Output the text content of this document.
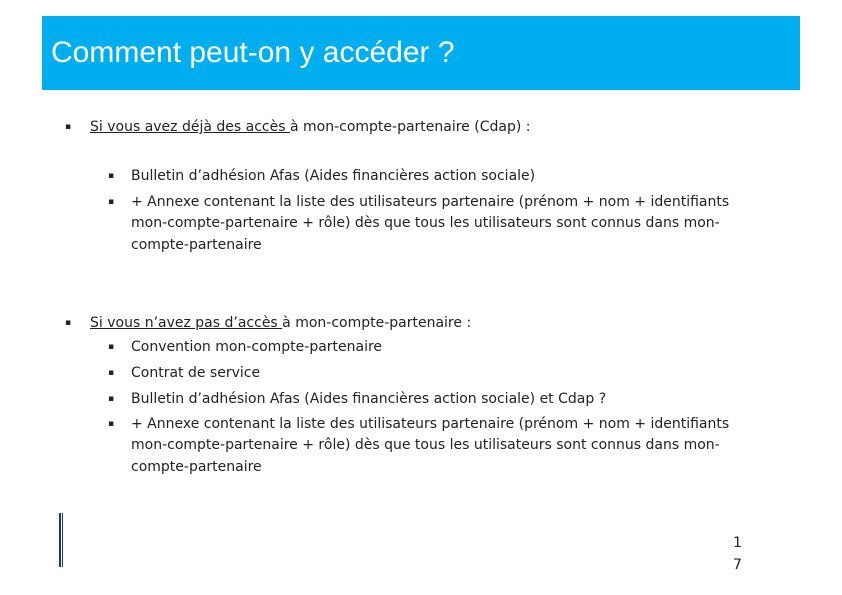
Comment peut-on y accéder ?
▪ Si vous avez déjà des accès à mon-compte-partenaire (Cdap) :
▪ Bulletin d’adhésion Afas (Aides financières action sociale)
▪ + Annexe contenant la liste des utilisateurs partenaire (prénom + nom + identifiants
mon-compte-partenaire + rôle) dès que tous les utilisateurs sont connus dans mon-
compte-partenaire
▪ Si vous n’avez pas d’accès à mon-compte-partenaire :
▪ Convention mon-compte-partenaire
▪ Contrat de service
▪ Bulletin d’adhésion Afas (Aides financières action sociale) et Cdap ?
▪ + Annexe contenant la liste des utilisateurs partenaire (prénom + nom + identifiants
mon-compte-partenaire + rôle) dès que tous les utilisateurs sont connus dans mon-
compte-partenaire
1
7
